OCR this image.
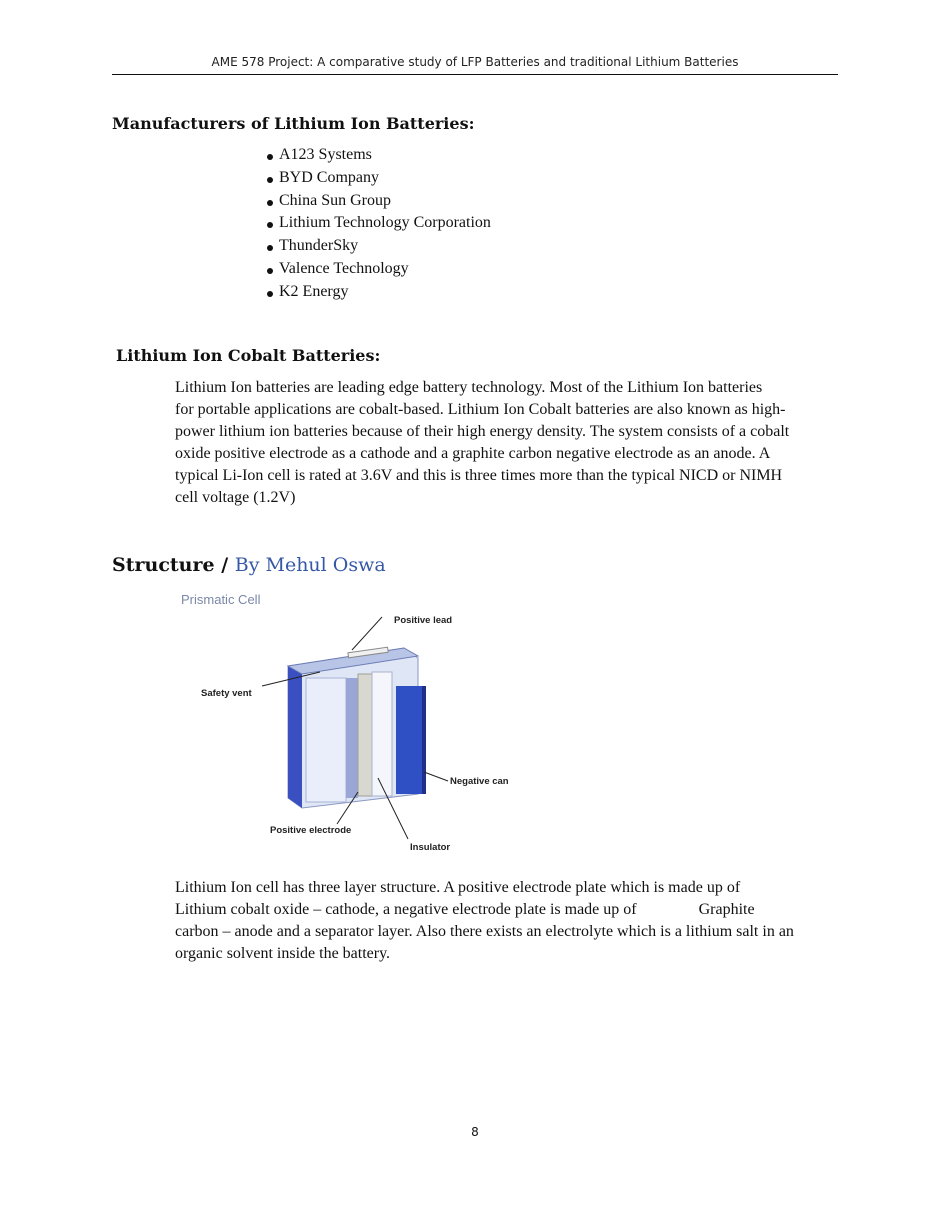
AME 578 Project: A comparative study of LFP Batteries and traditional Lithium Batteries
Manufacturers of Lithium Ion Batteries:
A123 Systems
BYD Company
China Sun Group
Lithium Technology Corporation
ThunderSky
Valence Technology
K2 Energy
Lithium Ion Cobalt Batteries:

Lithium Ion batteries are leading edge battery technology. Most of the Lithium Ion batteries
for portable applications are cobalt-based. Lithium Ion Cobalt batteries are also known as high-
power lithium ion batteries because of their high energy density. The system consists of a cobalt
oxide positive electrode as a cathode and a graphite carbon negative electrode as an anode. A
typical Li-Ion cell is rated at 3.6V and this is three times more than the typical NICD or NIMH
cell voltage (1.2V)

Structure / By Mehul Oswa
Prismatic Cell
Positive lead
Safety vent
Negative can
Positive electrode
Insulator

Lithium Ion cell has three layer structure. A positive electrode plate which is made up of
Lithium cobalt oxide – cathode, a negative electrode plate is made up of	Graphite
carbon – anode and a separator layer. Also there exists an electrolyte which is a lithium salt in an
organic solvent inside the battery.

8
